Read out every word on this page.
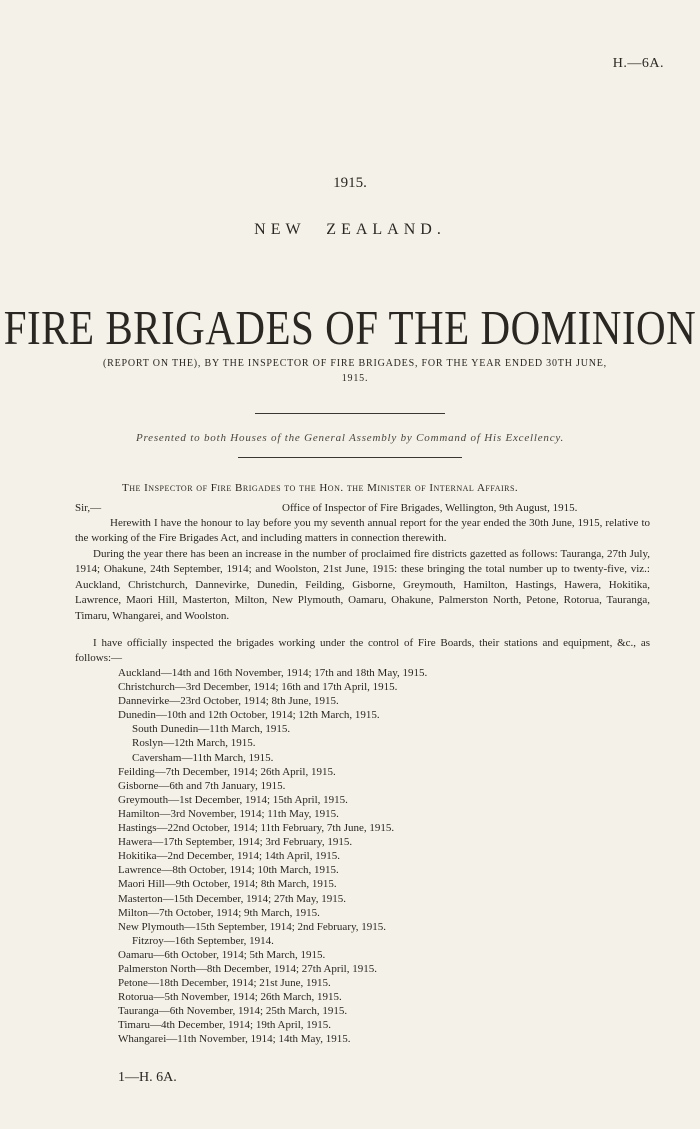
H.—6A.
1915.
NEW ZEALAND.
FIRE BRIGADES OF THE DOMINION
(REPORT ON THE), BY THE INSPECTOR OF FIRE BRIGADES, FOR THE YEAR ENDED 30TH JUNE, 1915.
Presented to both Houses of the General Assembly by Command of His Excellency.
The Inspector of Fire Brigades to the Hon. the Minister of Internal Affairs.
Sir,—	Office of Inspector of Fire Brigades, Wellington, 9th August, 1915.

Herewith I have the honour to lay before you my seventh annual report for the year ended the 30th June, 1915, relative to the working of the Fire Brigades Act, and including matters in connection therewith.

During the year there has been an increase in the number of proclaimed fire districts gazetted as follows: Tauranga, 27th July, 1914; Ohakune, 24th September, 1914; and Woolston, 21st June, 1915: these bringing the total number up to twenty-five, viz.: Auckland, Christchurch, Dannevirke, Dunedin, Feilding, Gisborne, Greymouth, Hamilton, Hastings, Hawera, Hokitika, Lawrence, Maori Hill, Masterton, Milton, New Plymouth, Oamaru, Ohakune, Palmerston North, Petone, Rotorua, Tauranga, Timaru, Whangarei, and Woolston.

I have officially inspected the brigades working under the control of Fire Boards, their stations and equipment, &c., as follows:—

Auckland—14th and 16th November, 1914; 17th and 18th May, 1915.
Christchurch—3rd December, 1914; 16th and 17th April, 1915.
Dannevirke—23rd October, 1914; 8th June, 1915.
Dunedin—10th and 12th October, 1914; 12th March, 1915.
South Dunedin—11th March, 1915.
Roslyn—12th March, 1915.
Caversham—11th March, 1915.
Feilding—7th December, 1914; 26th April, 1915.
Gisborne—6th and 7th January, 1915.
Greymouth—1st December, 1914; 15th April, 1915.
Hamilton—3rd November, 1914; 11th May, 1915.
Hastings—22nd October, 1914; 11th February, 7th June, 1915.
Hawera—17th September, 1914; 3rd February, 1915.
Hokitika—2nd December, 1914; 14th April, 1915.
Lawrence—8th October, 1914; 10th March, 1915.
Maori Hill—9th October, 1914; 8th March, 1915.
Masterton—15th December, 1914; 27th May, 1915.
Milton—7th October, 1914; 9th March, 1915.
New Plymouth—15th September, 1914; 2nd February, 1915.
Fitzroy—16th September, 1914.
Oamaru—6th October, 1914; 5th March, 1915.
Palmerston North—8th December, 1914; 27th April, 1915.
Petone—18th December, 1914; 21st June, 1915.
Rotorua—5th November, 1914; 26th March, 1915.
Tauranga—6th November, 1914; 25th March, 1915.
Timaru—4th December, 1914; 19th April, 1915.
Whangarei—11th November, 1914; 14th May, 1915.
1—H. 6A.
